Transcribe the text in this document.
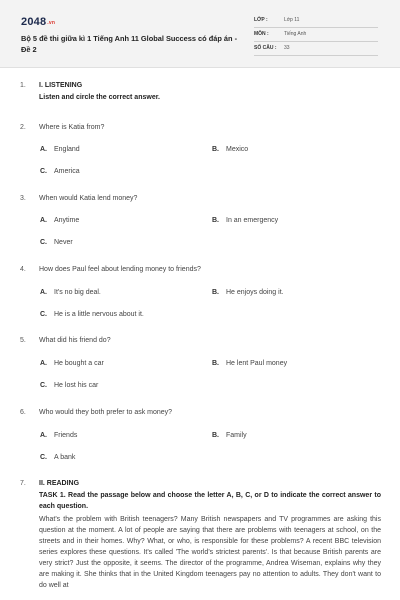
2048.vn
Bộ 5 đề thi giữa kì 1 Tiếng Anh 11 Global Success có đáp án - Đề 2
LỚP :	Lớp 11
MÔN :	Tiếng Anh
SỐ CÂU : 33
1. I. LISTENING
Listen and circle the correct answer.
2. Where is Katia from?
A. England	B. Mexico
C. America
3. When would Katia lend money?
A. Anytime	B. In an emergency
C. Never
4. How does Paul feel about lending money to friends?
A. It's no big deal.	B. He enjoys doing it.
C. He is a little nervous about it.
5. What did his friend do?
A. He bought a car	B. He lent Paul money
C. He lost his car
6. Who would they both prefer to ask money?
A. Friends	B. Family
C. A bank
7. II. READING
TASK 1. Read the passage below and choose the letter A, B, C, or D to indicate the correct answer to each question.
What's the problem with British teenagers? Many British newspapers and TV programmes are asking this question at the moment. A lot of people are saying that there are problems with teenagers at school, on the streets and in their homes. Why? What, or who, is responsible for these problems? A recent BBC television series explores these questions. It's called 'The world's strictest parents'. Is that because British parents are very strict? Just the opposite, it seems. The director of the programme, Andrea Wiseman, explains why they are making it. She thinks that in the United Kingdom teenagers pay no attention to adults. They don't want to do well at
